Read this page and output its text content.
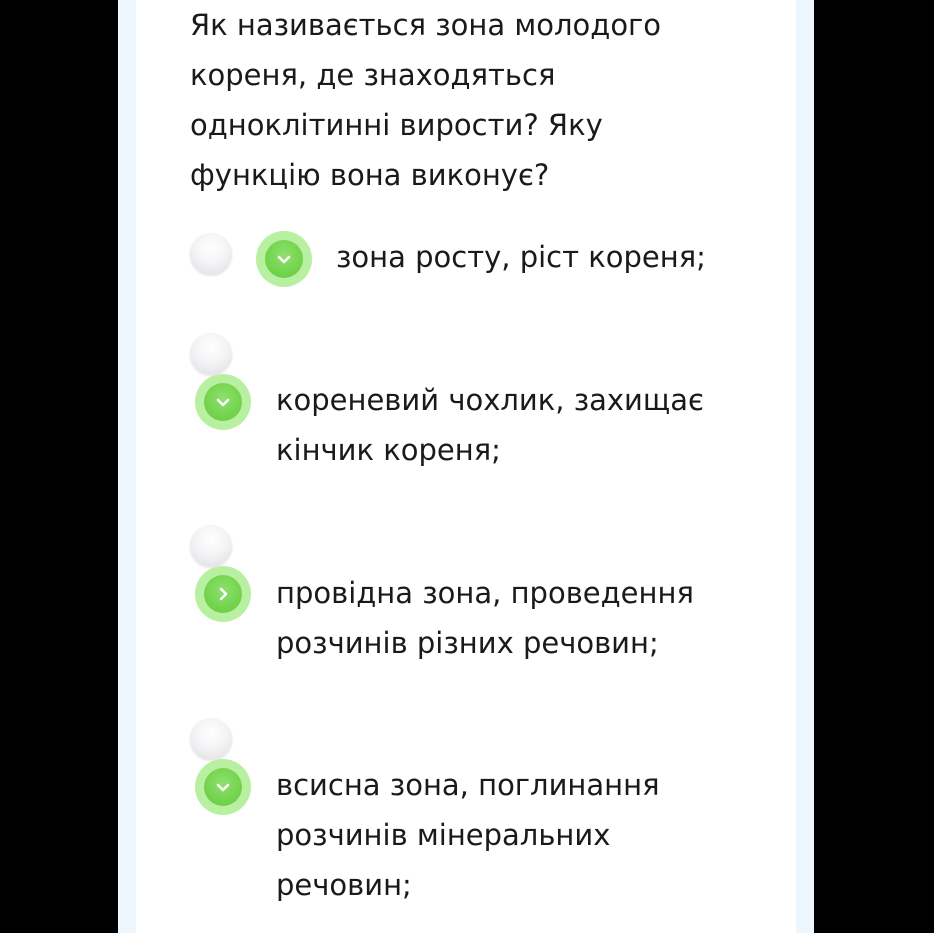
Як називається зона молодого
кореня, де знаходяться
одноклітинні вирости? Яку
функцію вона виконує?
зона росту, ріст кореня;
кореневий чохлик, захищає
кінчик кореня;
провідна зона, проведення
розчинів різних речовин;
всисна зона, поглинання
розчинів мінеральних
речовин;
